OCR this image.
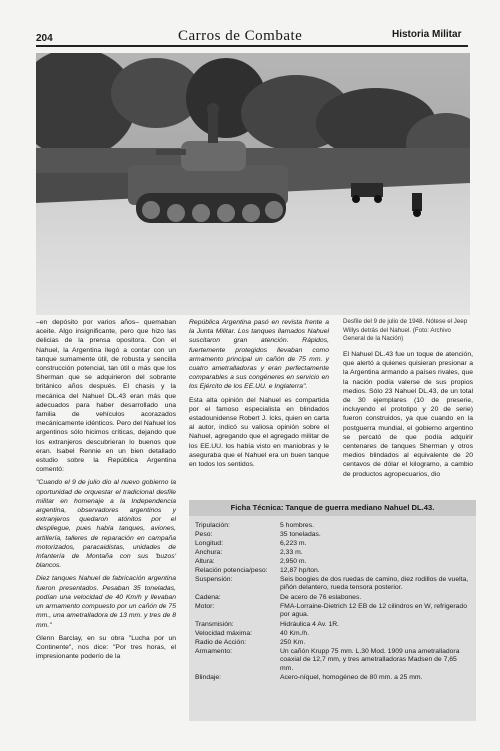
204	Carros de Combate	Historia Militar
Desfile del 9 de julio de 1948. Nótese el Jeep Willys detrás del Nahuel. (Foto: Archivo General de la Nación)

–en depósito por varios años– quemaban aceite. Algo insignificante, pero que hizo las delicias de la prensa opositora. Con el Nahuel, la Argentina llegó a contar con un tanque sumamente útil, de robusta y sencilla construcción potencial, tan útil o más que los Sherman que se adquirieron del sobrante británico años después. El chasis y la mecánica del Nahuel DL.43 eran más que adecuados para haber desarrollado una familia de vehículos acorazados mecánicamente idénticos. Pero del Nahuel los argentinos sólo hicimos críticas, dejando que los extranjeros descubrieran lo buenos que eran. Isabel Rennie en un bien detallado estudio sobre la República Argentina comentó:

"Cuando el 9 de julio dio al nuevo gobierno la oportunidad de orquestar el tradicional desfile militar en homenaje a la Independencia argentina, observadores argentinos y extranjeros quedaron atónitos por el despliegue, pues había tanques, aviones, artillería, talleres de reparación en campaña motorizados, paracaidistas, unidades de Infantería de Montaña con sus 'buzos' blancos.

Diez tanques Nahuel de fabricación argentina fueron presentados. Pesaban 35 toneladas, podían una velocidad de 40 Km/h y llevaban un armamento compuesto por un cañón de 75 mm., una ametralladora de 13 mm. y tres de 8 mm."

Glenn Barclay, en su obra "Lucha por un Continente", nos dice: "Por tres horas, el impresionante poderío de la

República Argentina pasó en revista frente a la Junta Militar. Los tanques llamados Nahuel suscitaron gran atención. Rápidos, fuertemente protegidos llevaban como armamento principal un cañón de 75 mm. y cuatro ametralladoras y eran perfectamente comparables a sus congéneres en servicio en los Ejército de los EE.UU. e Inglaterra".

Esta alta opinión del Nahuel es compartida por el famoso especialista en blindados estadounidense Robert J. Icks, quien en carta al autor, indicó su valiosa opinión sobre el Nahuel, agregando que el agregado militar de los EE.UU. los había visto en maniobras y le aseguraba que el Nahuel era un buen tanque en todos los sentidos.

El Nahuel DL.43 fue un toque de atención, que alertó a quienes quisieran presionar a la Argentina armando a países rivales, que la nación podía valerse de sus propios medios. Sólo 23 Nahuel DL.43, de un total de 30 ejemplares (10 de preserie, incluyendo el prototipo y 20 de serie) fueron construidos, ya que cuando en la postguerra mundial, el gobierno argentino se percató de que podía adquirir centenares de tanques Sherman y otros medios blindados al equivalente de 20 centavos de dólar el kilogramo, a cambio de productos agropecuarios, dio

Ficha Técnica: Tanque de guerra mediano Nahuel DL.43.
Tripulación:	5 hombres.
Peso:	35 toneladas.
Longitud:	6,223 m.
Anchura:	2,33 m.
Altura:	2,950 m.
Relación potencia/peso:	12,87 hp/ton.
Suspensión:	Seis boogies de dos ruedas de camino, diez rodillos de vuelta, piñón delantero, rueda tensora posterior.
Cadena:	De acero de 76 eslabones.
Motor:	FMA-Lorraine-Dietrich 12 EB de 12 cilindros en W, refrigerado por agua.
Transmisión:	Hidráulica 4 Av. 1R.
Velocidad máxima:	40 Km./h.
Radio de Acción:	250 Km.
Armamento:	Un cañón Krupp 75 mm. L.30 Mod. 1909 una ametralladora coaxial de 12,7 mm, y tres ametralladoras Madsen de 7,65 mm.
Blindaje:	Acero-níquel, homogéneo de 80 mm. a 25 mm.
